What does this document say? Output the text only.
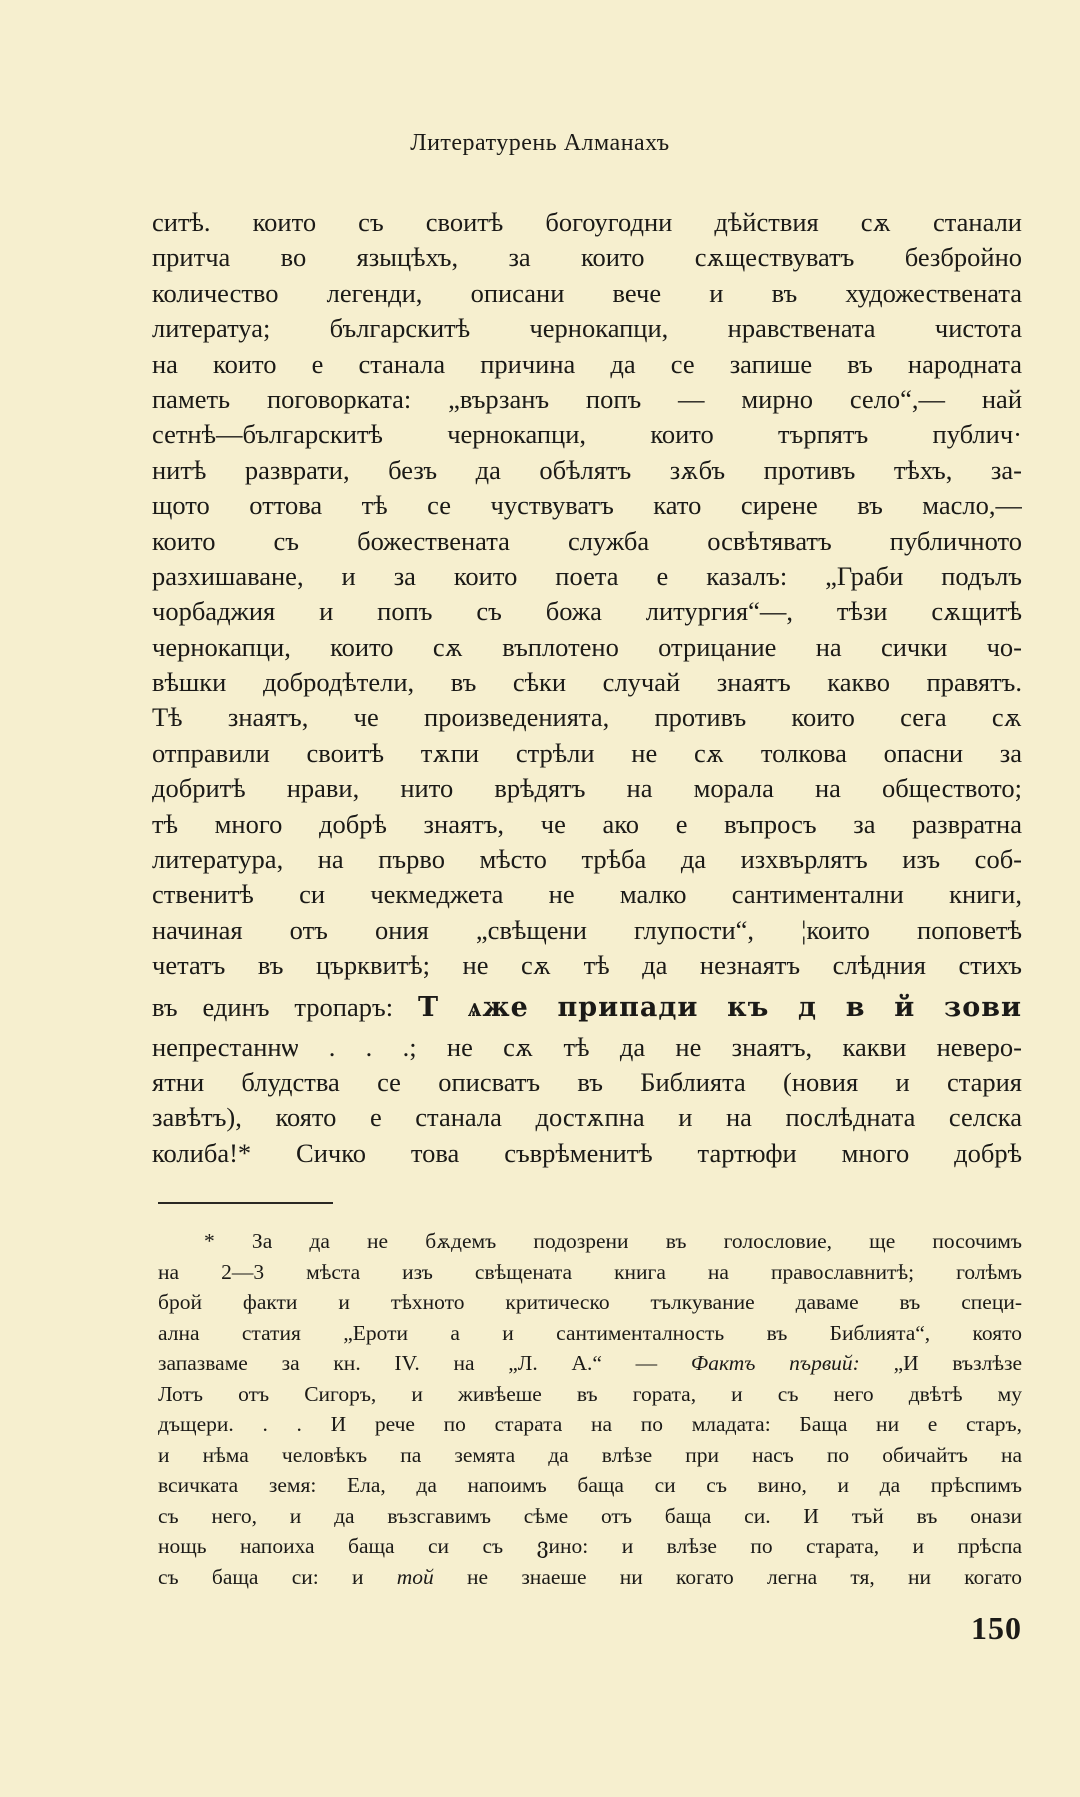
Литературень Алманахъ
ситѣ. които съ своитѣ богоугодни дѣйствия сѫ станали
притча во языцѣхъ, за които сѫществуватъ безбройно
количество легенди, описани вече и въ художествената
литератуа; българскитѣ чернокапци, нравствената чистота
на които е станала причина да се запише въ народната
паметь поговорката: „вързанъ попъ — мирно село“,— най
сетнѣ—българскитѣ чернокапци, които търпятъ публич·
нитѣ разврати, безъ да обѣлятъ зѫбъ противъ тѣхъ, за-
щото оттова тѣ се чуствуватъ като сирене въ масло,—
които съ божествената служба освѣтяватъ публичното
разхишаване, и за които поета е казалъ: „Граби подълъ
чорбаджия и попъ съ божа литургия“—, тѣзи сѫщитѣ
чернокапци, които сѫ въплотено отрицание на сички чо-
вѣшки добродѣтели, въ сѣки случай знаятъ какво правятъ.
Тѣ знаятъ, че произведенията, противъ които сега сѫ
отправили своитѣ тѫпи стрѣли не сѫ толкова опасни за
добритѣ нрави, нито врѣдятъ на морала на обществото;
тѣ много добрѣ знаятъ, че ако е въпросъ за развратна
литература, на първо мѣсто трѣба да изхвърлятъ изъ соб-
ственитѣ си чекмеджета не малко сантиментални книги,
начиная отъ ония „свѣщени глупости“, ¦които поповетѣ
четатъ въ църквитѣ; не сѫ тѣ да незнаятъ слѣдния стихъ
въ единъ тропаръ: Т ѧже припади къ д в й зови
непрестаннѡ . . .; не сѫ тѣ да не знаятъ, какви неверо-
ятни блудства се описватъ въ Библията (новия и стария
завѣтъ), която е станала достѫпна и на послѣдната селска
колиба!* Сичко това съврѣменитѣ тартюфи много добрѣ
* За да не бѫдемъ подозрени въ голословие, ще посочимъ
на 2—3 мѣста изъ свѣщената книга на православнитѣ; голѣмъ
брой факти и тѣхното критическо тълкувание даваме въ специ-
ална статия „Ероти а и сантименталность въ Библията“, която
запазваме за кн. IV. на „Л. А.“ — Фактъ първий: „И възлѣзе
Лотъ отъ Сигоръ, и живѣеше въ гората, и съ него двѣтѣ му
дъщери. . . И рече по старата на по младата: Баща ни е старъ,
и нѣма человѣкъ па земята да влѣзе при насъ по обичайтъ на
всичката земя: Ела, да напоимъ баща си съ вино, и да прѣспимъ
съ него, и да възсгавимъ сѣме отъ баща си. И тъй въ онази
нощь напоиха баща си съ ვино: и влѣзе по старата, и прѣспа
съ баща си: и той не знаеше ни когато легна тя, ни когато
150
